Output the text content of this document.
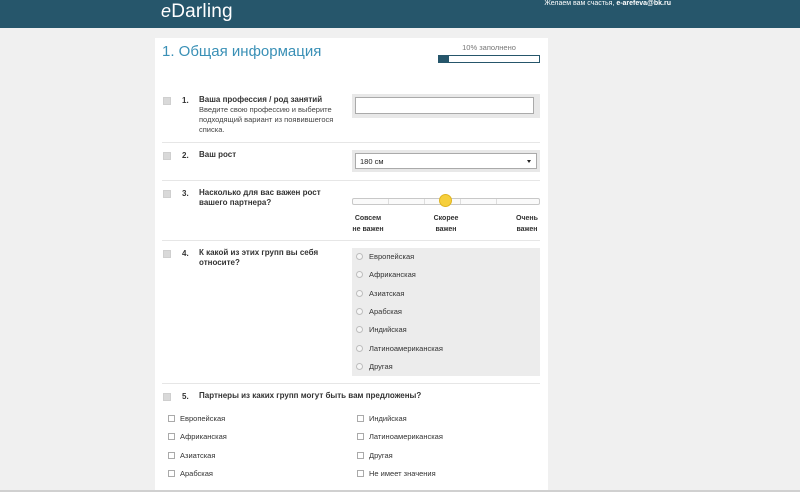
eDarling	Желаем вам счастья, e-arefeva@bk.ru
1. Общая информация	10% заполнено
1. Ваша профессия / род занятий
Введите свою профессию и выберите
подходящий вариант из появившегося
списка.
2. Ваш рост
180 см
3. Насколько для вас важен рост
вашего партнера?
Совсем
не важен
Скорее
важен
Очень
важен
4. К какой из этих групп вы себя
относите?
Европейская
Африканская
Азиатская
Арабская
Индийская
Латиноамериканская
Другая
5. Партнеры из каких групп могут быть вам предложены?
Европейская
Африканская
Азиатская
Арабская
Индийская
Латиноамериканская
Другая
Не имеет значения
